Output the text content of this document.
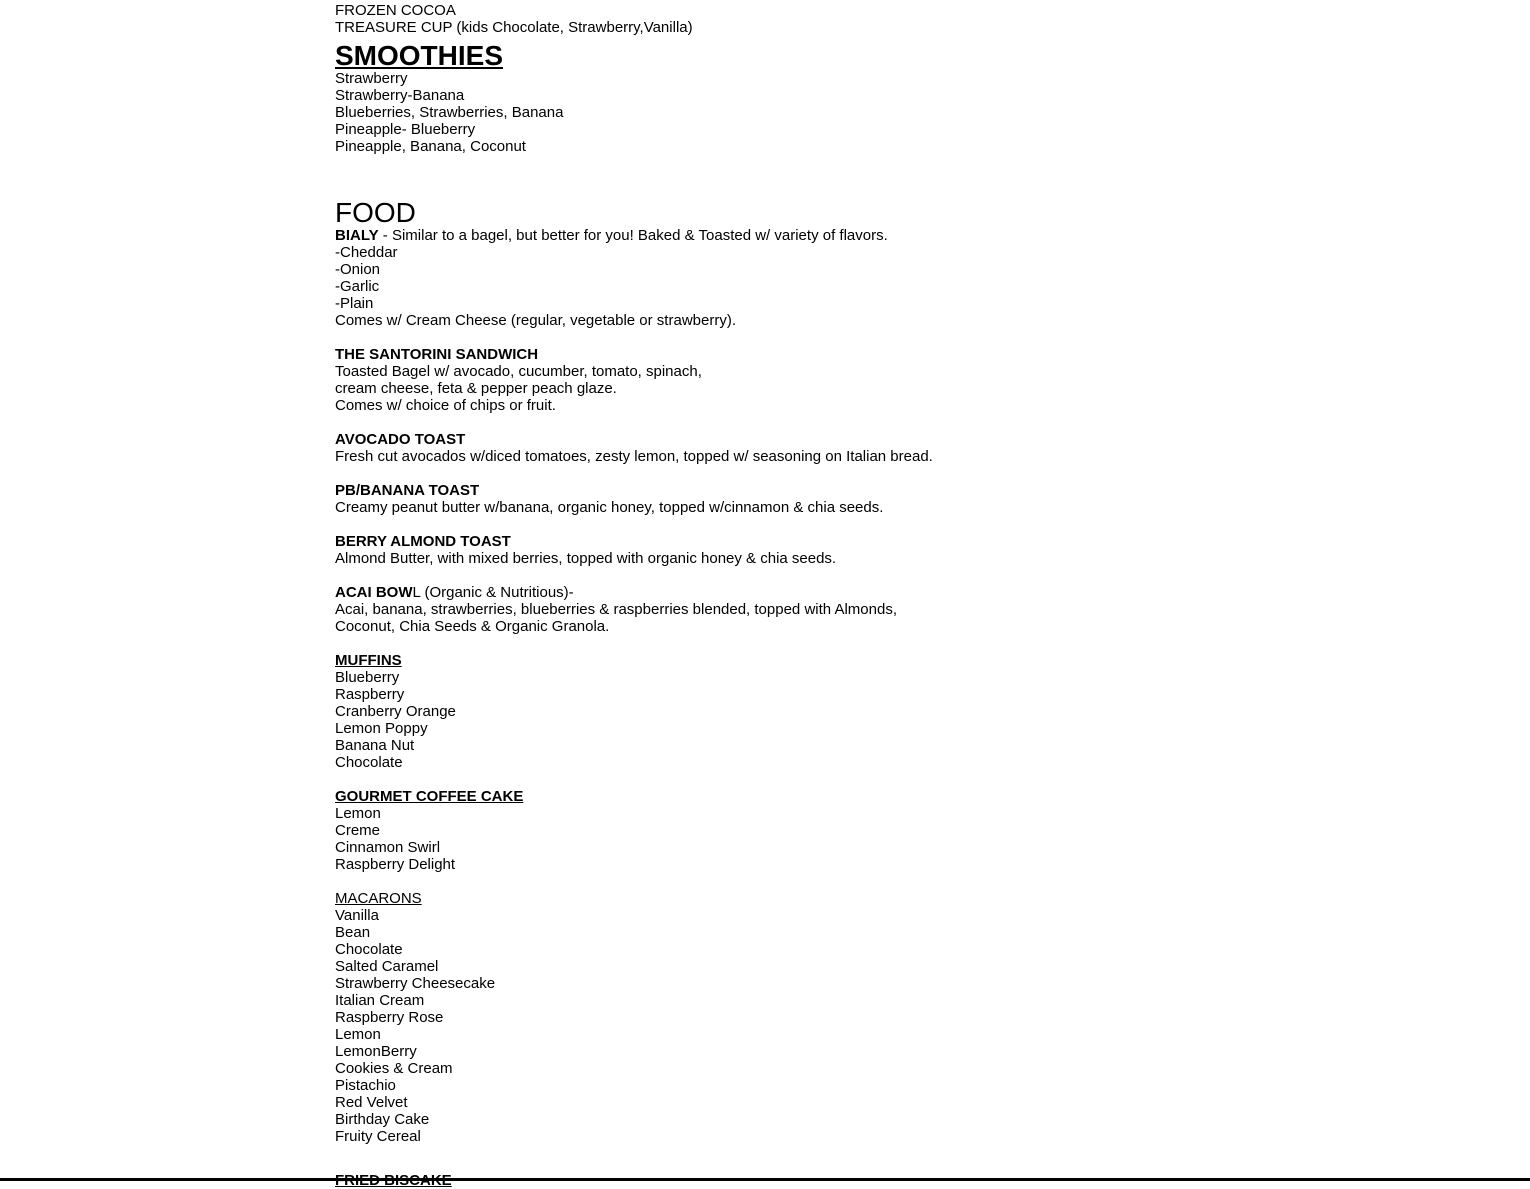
FROZEN COCOA
TREASURE CUP (kids Chocolate, Strawberry,Vanilla)
SMOOTHIES
Strawberry
Strawberry-Banana
Blueberries, Strawberries, Banana
Pineapple- Blueberry
Pineapple, Banana, Coconut
FOOD
BIALY - Similar to a bagel, but better for you! Baked & Toasted w/ variety of flavors.
-Cheddar
-Onion
-Garlic
-Plain
Comes w/ Cream Cheese (regular, vegetable or strawberry).
THE SANTORINI SANDWICH
Toasted Bagel w/ avocado, cucumber, tomato, spinach,
cream cheese, feta & pepper peach glaze.
Comes w/ choice of chips or fruit.
AVOCADO TOAST
Fresh cut avocados w/diced tomatoes, zesty lemon, topped w/ seasoning on Italian bread.
PB/BANANA TOAST
Creamy peanut butter w/banana, organic honey, topped w/cinnamon & chia seeds.
BERRY ALMOND TOAST
Almond Butter, with mixed berries, topped with organic honey & chia seeds.
ACAI BOWL (Organic & Nutritious)-
Acai, banana, strawberries, blueberries & raspberries blended, topped with Almonds,
Coconut, Chia Seeds & Organic Granola.
MUFFINS
Blueberry
Raspberry
Cranberry Orange
Lemon Poppy
Banana Nut
Chocolate
GOURMET COFFEE CAKE
Lemon
Creme
Cinnamon Swirl
Raspberry Delight
MACARONS
Vanilla
Bean
Chocolate
Salted Caramel
Strawberry Cheesecake
Italian Cream
Raspberry Rose
Lemon
LemonBerry
Cookies & Cream
Pistachio
Red Velvet
Birthday Cake
Fruity Cereal
